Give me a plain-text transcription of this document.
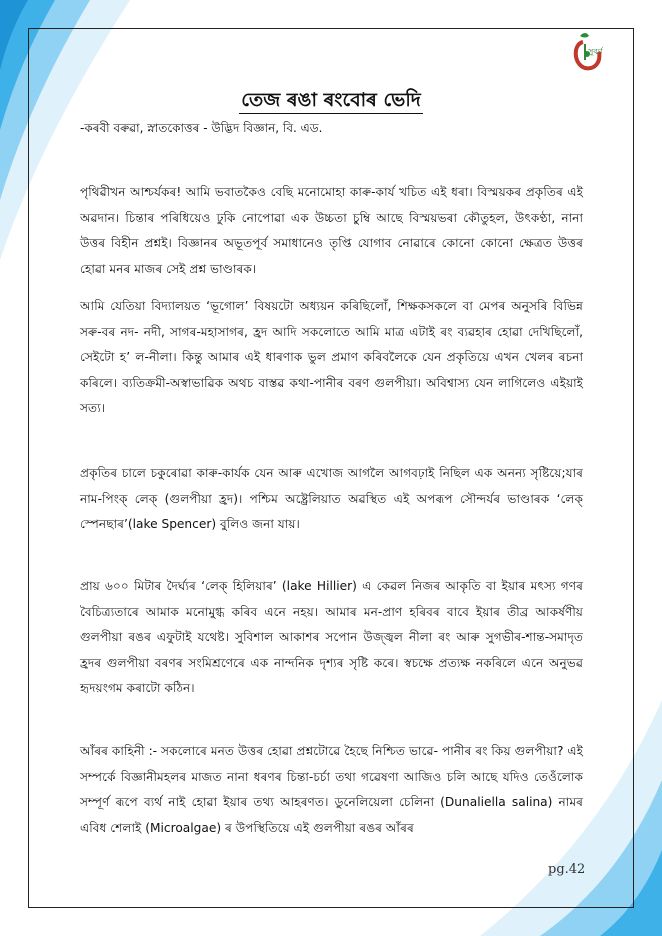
সুবৰ্ণ
তেজ ৰঙা ৰংবোৰ ভেদি
-কৰবী বৰুৱা, স্নাতকোত্তৰ - উদ্ভিদ বিজ্ঞান, বি. এড.

পৃথিৱীখন আশ্চৰ্যকৰ! আমি ভবাতকৈও বেছি মনোমোহা কাৰু-কাৰ্য খচিত এই ধৰা। বিস্ময়কৰ প্ৰকৃতিৰ এই অৱদান। চিন্তাৰ পৰিধিয়েও ঢুকি নোপোৱা এক উচ্চতা চুম্বি আছে বিস্ময়ভৰা কৌতুহল, উৎকণ্ঠা, নানা উত্তৰ বিহীন প্ৰশ্নই। বিজ্ঞানৰ অভূতপূৰ্ব সমাধানেও তৃপ্তি যোগাব নোৱাৰে কোনো কোনো ক্ষেত্ৰত উত্তৰ হোৱা মনৰ মাজৰ সেই প্ৰশ্ন ভাণ্ডাৰক।

আমি যেতিয়া বিদ্যালয়ত ‘ভূগোল’ বিষয়টো অধ্যয়ন কৰিছিলোঁ, শিক্ষকসকলে বা মেপৰ অনুসৰি বিভিন্ন সৰু-বৰ নদ- নদী, সাগৰ-মহাসাগৰ, হ্ৰদ আদি সকলোতে আমি মাত্ৰ এটাই ৰং ব্যৱহাৰ হোৱা দেখিছিলোঁ, সেইটো হ’ ল-নীলা। কিন্তু আমাৰ এই ধাৰণাক ভুল প্ৰমাণ কৰিবলৈকে যেন প্ৰকৃতিয়ে এখন খেলৰ ৰচনা কৰিলে। ব্যতিক্ৰমী-অস্বাভাৱিক অথচ বাস্তৱ কথা-পানীৰ বৰণ গুলপীয়া। অবিশ্বাস্য যেন লাগিলেও এইয়াই সত্য।

প্ৰকৃতিৰ চালে চকুৰোৱা কাৰু-কাৰ্যক যেন আৰু এখোজ আগলৈ আগবঢ়াই নিছিল এক অনন্য সৃষ্টিয়ে;যাৰ নাম-পিংক্ লেক্ (গুলপীয়া হ্ৰদ)। পশ্চিম অষ্ট্ৰেলিয়াত অৱস্থিত এই অপৰূপ সৌন্দৰ্যৰ ভাণ্ডাৰক ‘লেক্ স্পেনছাৰ’(lake Spencer) বুলিও জনা যায়।

প্ৰায় ৬০০ মিটাৰ দৈৰ্ঘ্যৰ ‘লেক্ হিলিয়াৰ’ (lake Hillier) এ কেৱল নিজৰ আকৃতি বা ইয়াৰ মৎস্য গণৰ বৈচিত্ৰ্যতাৰে আমাক মনোমুগ্ধ কৰিব এনে নহয়। আমাৰ মন-প্ৰাণ হৰিবৰ বাবে ইয়াৰ তীব্ৰ আকৰ্ষণীয় গুলপীয়া ৰঙৰ এফুটাই যথেষ্ট। সুবিশাল আকাশৰ সপোন উজ্জ্বল নীলা ৰং আৰু সুগভীৰ-শান্ত-সমাদৃত হ্ৰদৰ গুলপীয়া বৰণৰ সংমিশ্ৰণেৰে এক নান্দনিক দৃশ্যৰ সৃষ্টি কৰে। স্বচক্ষে প্ৰত্যক্ষ নকৰিলে এনে অনুভৱ হৃদয়ংগম কৰাটো কঠিন।

আঁৰৰ কাহিনী :- সকলোৰে মনত উত্তৰ হোৱা প্ৰশ্নটোৱে হৈছে নিশ্চিত ভাৱে- পানীৰ ৰং কিয় গুলপীয়া? এই সম্পৰ্কে বিজ্ঞানীমহলৰ মাজত নানা ধৰণৰ চিন্তা-চৰ্চা তথা গৱেষণা আজিও চলি আছে যদিও তেওঁলোক সম্পূৰ্ণ ৰূপে ব্যৰ্থ নাই হোৱা ইয়াৰ তথ্য আহৰণত। ডুনেলিয়েলা চেলিনা (Dunaliella salina) নামৰ এবিধ শেলাই (Microalgae) ৰ উপস্থিতিয়ে এই গুলপীয়া ৰঙৰ আঁৰৰ

pg.42
